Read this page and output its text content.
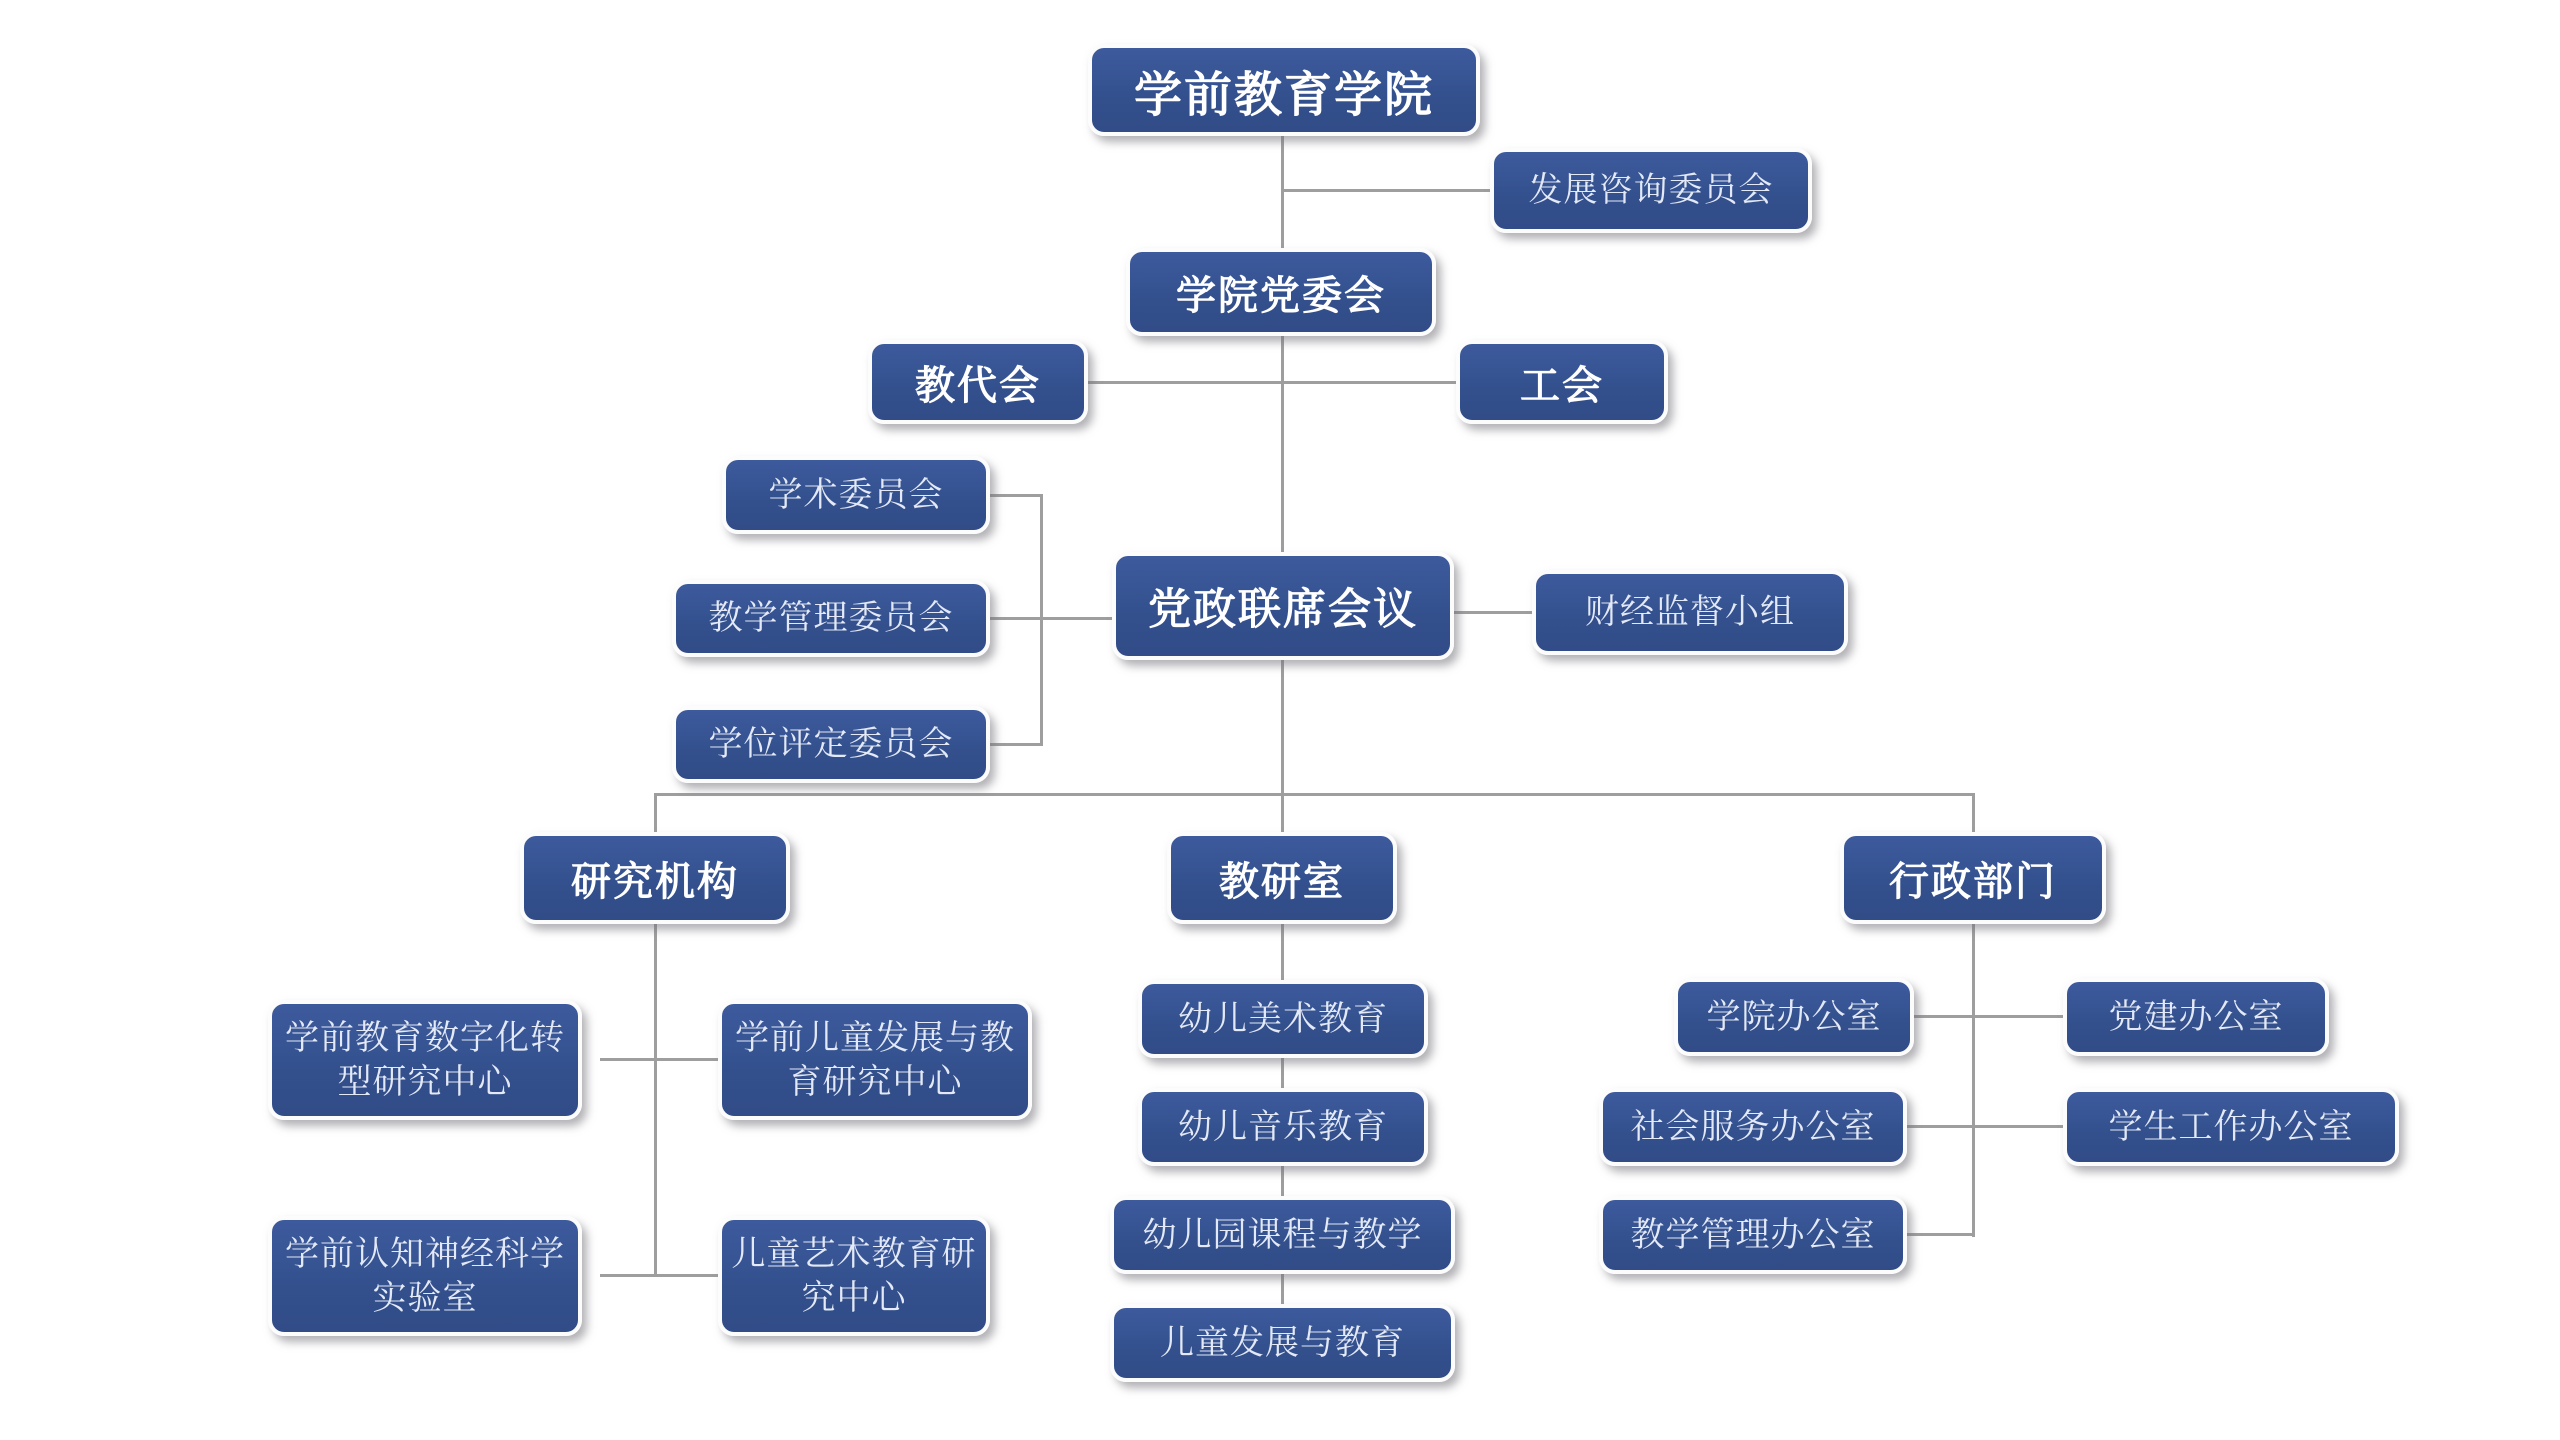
学前教育学院
发展咨询委员会
学院党委会
教代会	工会
学术委员会
教学管理委员会
学位评定委员会
党政联席会议	财经监督小组
研究机构	教研室	行政部门
学前教育数字化转型研究中心
学前儿童发展与教育研究中心
学前认知神经科学实验室
儿童艺术教育研究中心
幼儿美术教育
幼儿音乐教育
幼儿园课程与教学
儿童发展与教育
学院办公室	党建办公室
社会服务办公室	学生工作办公室
教学管理办公室
